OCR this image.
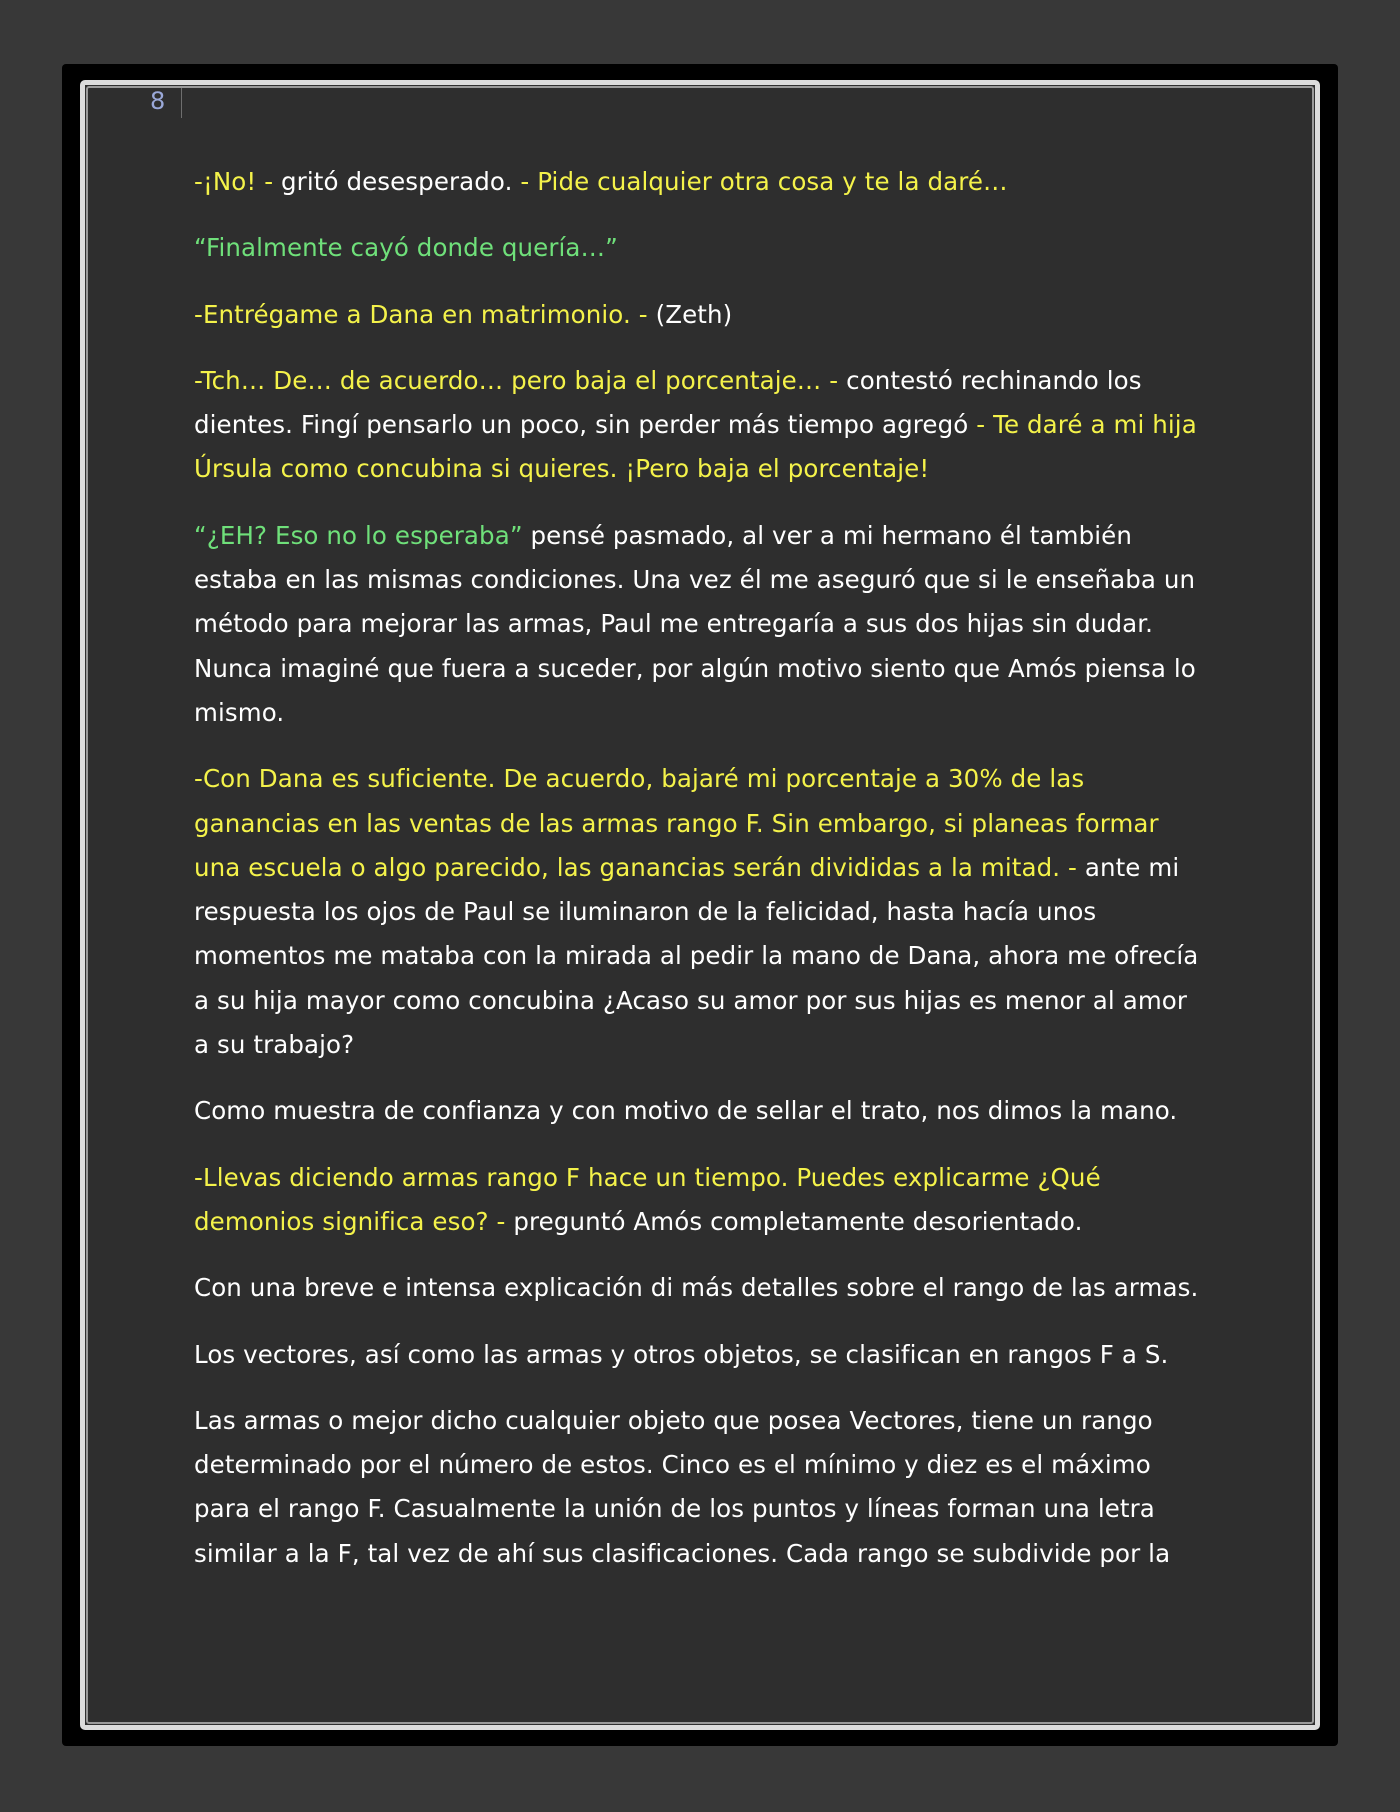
8

-¡No! - gritó desesperado. - Pide cualquier otra cosa y te la daré…

“Finalmente cayó donde quería…”

-Entrégame a Dana en matrimonio. - (Zeth)

-Tch… De… de acuerdo… pero baja el porcentaje… - contestó rechinando los dientes. Fingí pensarlo un poco, sin perder más tiempo agregó - Te daré a mi hija Úrsula como concubina si quieres. ¡Pero baja el porcentaje!

“¿EH? Eso no lo esperaba” pensé pasmado, al ver a mi hermano él también estaba en las mismas condiciones. Una vez él me aseguró que si le enseñaba un método para mejorar las armas, Paul me entregaría a sus dos hijas sin dudar. Nunca imaginé que fuera a suceder, por algún motivo siento que Amós piensa lo mismo.

-Con Dana es suficiente. De acuerdo, bajaré mi porcentaje a 30% de las ganancias en las ventas de las armas rango F. Sin embargo, si planeas formar una escuela o algo parecido, las ganancias serán divididas a la mitad. - ante mi respuesta los ojos de Paul se iluminaron de la felicidad, hasta hacía unos momentos me mataba con la mirada al pedir la mano de Dana, ahora me ofrecía a su hija mayor como concubina ¿Acaso su amor por sus hijas es menor al amor a su trabajo?

Como muestra de confianza y con motivo de sellar el trato, nos dimos la mano.

-Llevas diciendo armas rango F hace un tiempo. Puedes explicarme ¿Qué demonios significa eso? - preguntó Amós completamente desorientado.

Con una breve e intensa explicación di más detalles sobre el rango de las armas.

Los vectores, así como las armas y otros objetos, se clasifican en rangos F a S.

Las armas o mejor dicho cualquier objeto que posea Vectores, tiene un rango determinado por el número de estos. Cinco es el mínimo y diez es el máximo para el rango F. Casualmente la unión de los puntos y líneas forman una letra similar a la F, tal vez de ahí sus clasificaciones. Cada rango se subdivide por la
